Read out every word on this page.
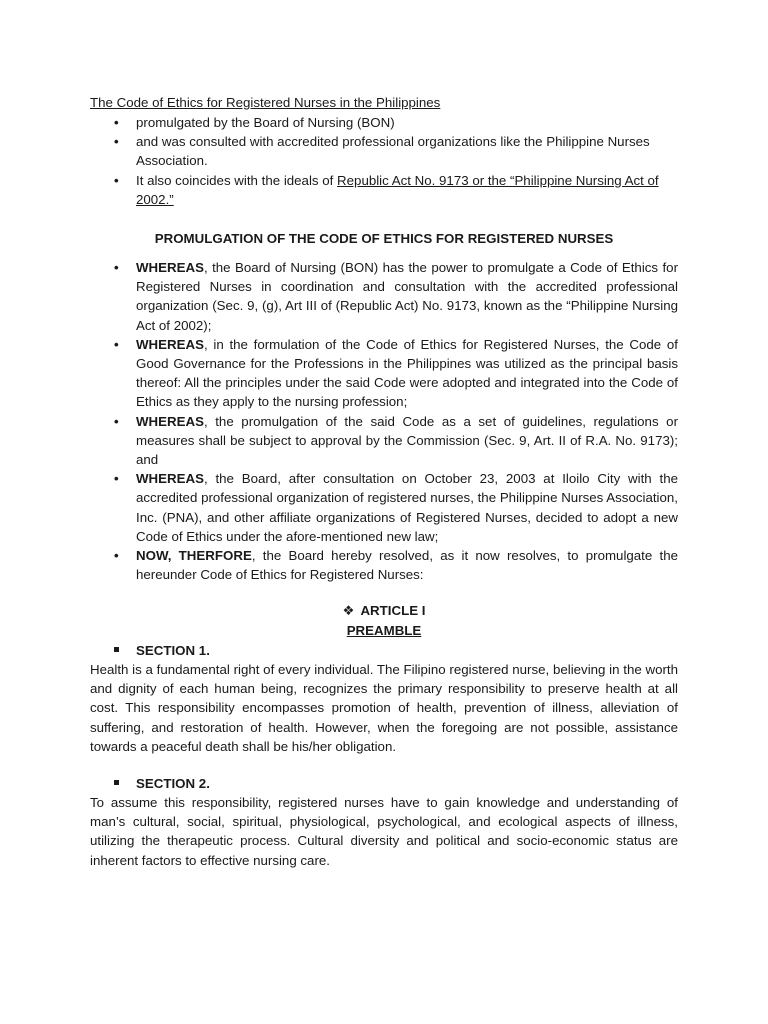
The Code of Ethics for Registered Nurses in the Philippines
• promulgated by the Board of Nursing (BON)
• and was consulted with accredited professional organizations like the Philippine Nurses Association.
• It also coincides with the ideals of Republic Act No. 9173 or the “Philippine Nursing Act of 2002.”
PROMULGATION OF THE CODE OF ETHICS FOR REGISTERED NURSES
• WHEREAS, the Board of Nursing (BON) has the power to promulgate a Code of Ethics for Registered Nurses in coordination and consultation with the accredited professional organization (Sec. 9, (g), Art III of (Republic Act) No. 9173, known as the “Philippine Nursing Act of 2002);
• WHEREAS, in the formulation of the Code of Ethics for Registered Nurses, the Code of Good Governance for the Professions in the Philippines was utilized as the principal basis thereof: All the principles under the said Code were adopted and integrated into the Code of Ethics as they apply to the nursing profession;
• WHEREAS, the promulgation of the said Code as a set of guidelines, regulations or measures shall be subject to approval by the Commission (Sec. 9, Art. II of R.A. No. 9173); and
• WHEREAS, the Board, after consultation on October 23, 2003 at Iloilo City with the accredited professional organization of registered nurses, the Philippine Nurses Association, Inc. (PNA), and other affiliate organizations of Registered Nurses, decided to adopt a new Code of Ethics under the afore-mentioned new law;
• NOW, THERFORE, the Board hereby resolved, as it now resolves, to promulgate the hereunder Code of Ethics for Registered Nurses:
❖ ARTICLE I
PREAMBLE
SECTION 1.

Health is a fundamental right of every individual. The Filipino registered nurse, believing in the worth and dignity of each human being, recognizes the primary responsibility to preserve health at all cost. This responsibility encompasses promotion of health, prevention of illness, alleviation of suffering, and restoration of health. However, when the foregoing are not possible, assistance towards a peaceful death shall be his/her obligation.

SECTION 2.

To assume this responsibility, registered nurses have to gain knowledge and understanding of man’s cultural, social, spiritual, physiological, psychological, and ecological aspects of illness, utilizing the therapeutic process. Cultural diversity and political and socio-economic status are inherent factors to effective nursing care.
